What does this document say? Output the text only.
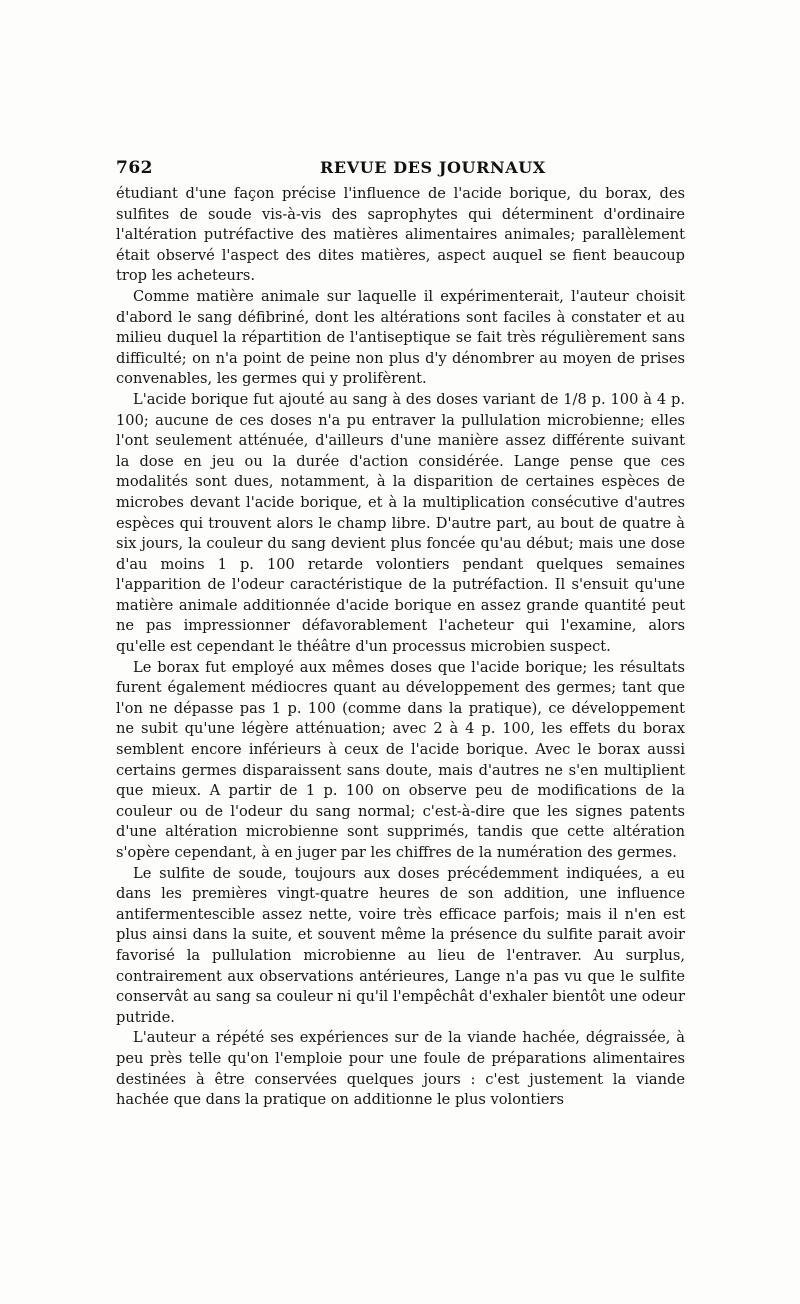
762	REVUE DES JOURNAUX

étudiant d'une façon précise l'influence de l'acide borique, du borax, des sulfites de soude vis-à-vis des saprophytes qui déterminent d'ordinaire l'altération putréfactive des matières alimentaires animales; parallèlement était observé l'aspect des dites matières, aspect auquel se fient beaucoup trop les acheteurs.

Comme matière animale sur laquelle il expérimenterait, l'auteur choisit d'abord le sang défibriné, dont les altérations sont faciles à constater et au milieu duquel la répartition de l'antiseptique se fait très régulièrement sans difficulté; on n'a point de peine non plus d'y dénombrer au moyen de prises convenables, les germes qui y prolifèrent.

L'acide borique fut ajouté au sang à des doses variant de 1/8 p. 100 à 4 p. 100; aucune de ces doses n'a pu entraver la pullulation microbienne; elles l'ont seulement atténuée, d'ailleurs d'une manière assez différente suivant la dose en jeu ou la durée d'action considérée. Lange pense que ces modalités sont dues, notamment, à la disparition de certaines espèces de microbes devant l'acide borique, et à la multiplication consécutive d'autres espèces qui trouvent alors le champ libre. D'autre part, au bout de quatre à six jours, la couleur du sang devient plus foncée qu'au début; mais une dose d'au moins 1 p. 100 retarde volontiers pendant quelques semaines l'apparition de l'odeur caractéristique de la putréfaction. Il s'ensuit qu'une matière animale additionnée d'acide borique en assez grande quantité peut ne pas impressionner défavorablement l'acheteur qui l'examine, alors qu'elle est cependant le théâtre d'un processus microbien suspect.

Le borax fut employé aux mêmes doses que l'acide borique; les résultats furent également médiocres quant au développement des germes; tant que l'on ne dépasse pas 1 p. 100 (comme dans la pratique), ce développement ne subit qu'une légère atténuation; avec 2 à 4 p. 100, les effets du borax semblent encore inférieurs à ceux de l'acide borique. Avec le borax aussi certains germes disparaissent sans doute, mais d'autres ne s'en multiplient que mieux. A partir de 1 p. 100 on observe peu de modifications de la couleur ou de l'odeur du sang normal; c'est-à-dire que les signes patents d'une altération microbienne sont supprimés, tandis que cette altération s'opère cependant, à en juger par les chiffres de la numération des germes.

Le sulfite de soude, toujours aux doses précédemment indiquées, a eu dans les premières vingt-quatre heures de son addition, une influence antifermentescible assez nette, voire très efficace parfois; mais il n'en est plus ainsi dans la suite, et souvent même la présence du sulfite parait avoir favorisé la pullulation microbienne au lieu de l'entraver. Au surplus, contrairement aux observations antérieures, Lange n'a pas vu que le sulfite conservât au sang sa couleur ni qu'il l'empêchât d'exhaler bientôt une odeur putride.

L'auteur a répété ses expériences sur de la viande hachée, dégraissée, à peu près telle qu'on l'emploie pour une foule de préparations alimentaires destinées à être conservées quelques jours : c'est justement la viande hachée que dans la pratique on additionne le plus volontiers
